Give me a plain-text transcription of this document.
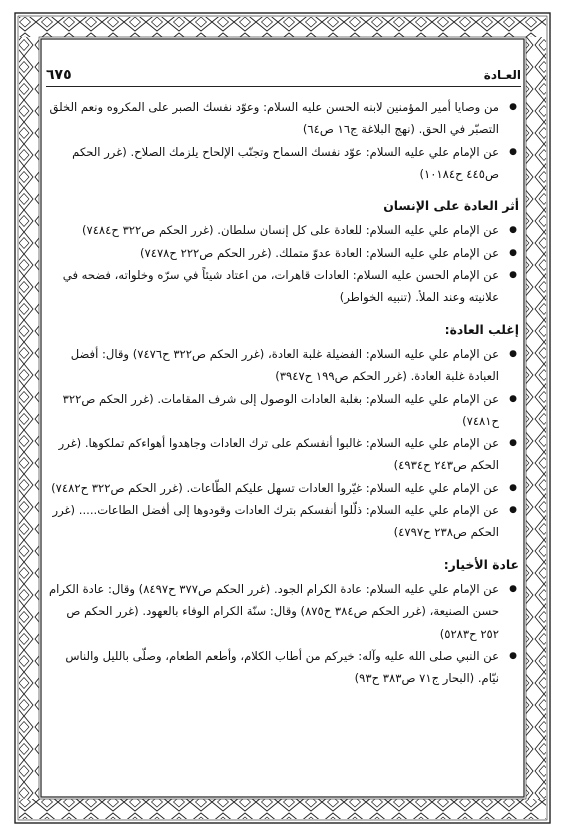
٦٧٥	العـادة
● من وصايا أمير المؤمنين لابنه الحسن عليه السلام: وعوّد نفسك الصبر على المكروه ونعم الخلق التصبّر في الحق. (نهج البلاغة ج١٦ ص٦٤)
● عن الإمام علي عليه السلام: عوّد نفسك السماح وتجنّب الإلحاح يلزمك الصلاح. (غرر الحكم ص٤٤٥ ح١٠١٨٤)

أثر العادة على الإنسان

● عن الإمام علي عليه السلام: للعادة على كل إنسان سلطان. (غرر الحكم ص٣٢٢ ح٧٤٨٤)
● عن الإمام علي عليه السلام: العادة عدوّ متملك. (غرر الحكم ص٢٢٢ ح٧٤٧٨)
● عن الإمام الحسن عليه السلام: العادات قاهرات، من اعتاد شيئاً في سرّه وخلواته، فضحه في علانيته وعند الملأ. (تنبيه الخواطر)

إغلب العادة:

● عن الإمام علي عليه السلام: الفضيلة غلبة العادة، (غرر الحكم ص٣٢٢ ح٧٤٧٦) وقال: أفضل العبادة غلبة العادة. (غرر الحكم ص١٩٩ ح٣٩٤٧)
● عن الإمام علي عليه السلام: بغلبة العادات الوصول إلى شرف المقامات. (غرر الحكم ص٣٢٢ ح٧٤٨١)
● عن الإمام علي عليه السلام: غالبوا أنفسكم على ترك العادات وجاهدوا أهواءكم تملكوها. (غرر الحكم ص٢٤٣ ح٤٩٣٤)
● عن الإمام علي عليه السلام: غيّروا العادات تسهل عليكم الطّاعات. (غرر الحكم ص٣٢٢ ح٧٤٨٢)
● عن الإمام علي عليه السلام: ذلّلوا أنفسكم بترك العادات وقودوها إلى أفضل الطاعات..... (غرر الحكم ص٢٣٨ ح٤٧٩٧)

عادة الأخيار:

● عن الإمام علي عليه السلام: عادة الكرام الجود. (غرر الحكم ص٣٧٧ ح٨٤٩٧) وقال: عادة الكرام حسن الصنيعة، (غرر الحكم ص٣٨٤ ح٨٧٥) وقال: سنّة الكرام الوفاء بالعهود. (غرر الحكم ص ٢٥٢ ح٥٢٨٣)
● عن النبي صلى الله عليه وآله: خيركم من أطاب الكلام، وأطعم الطعام، وصلّى بالليل والناس نيّام. (البحار ج٧١ ص٣٨٣ ح٩٣)
